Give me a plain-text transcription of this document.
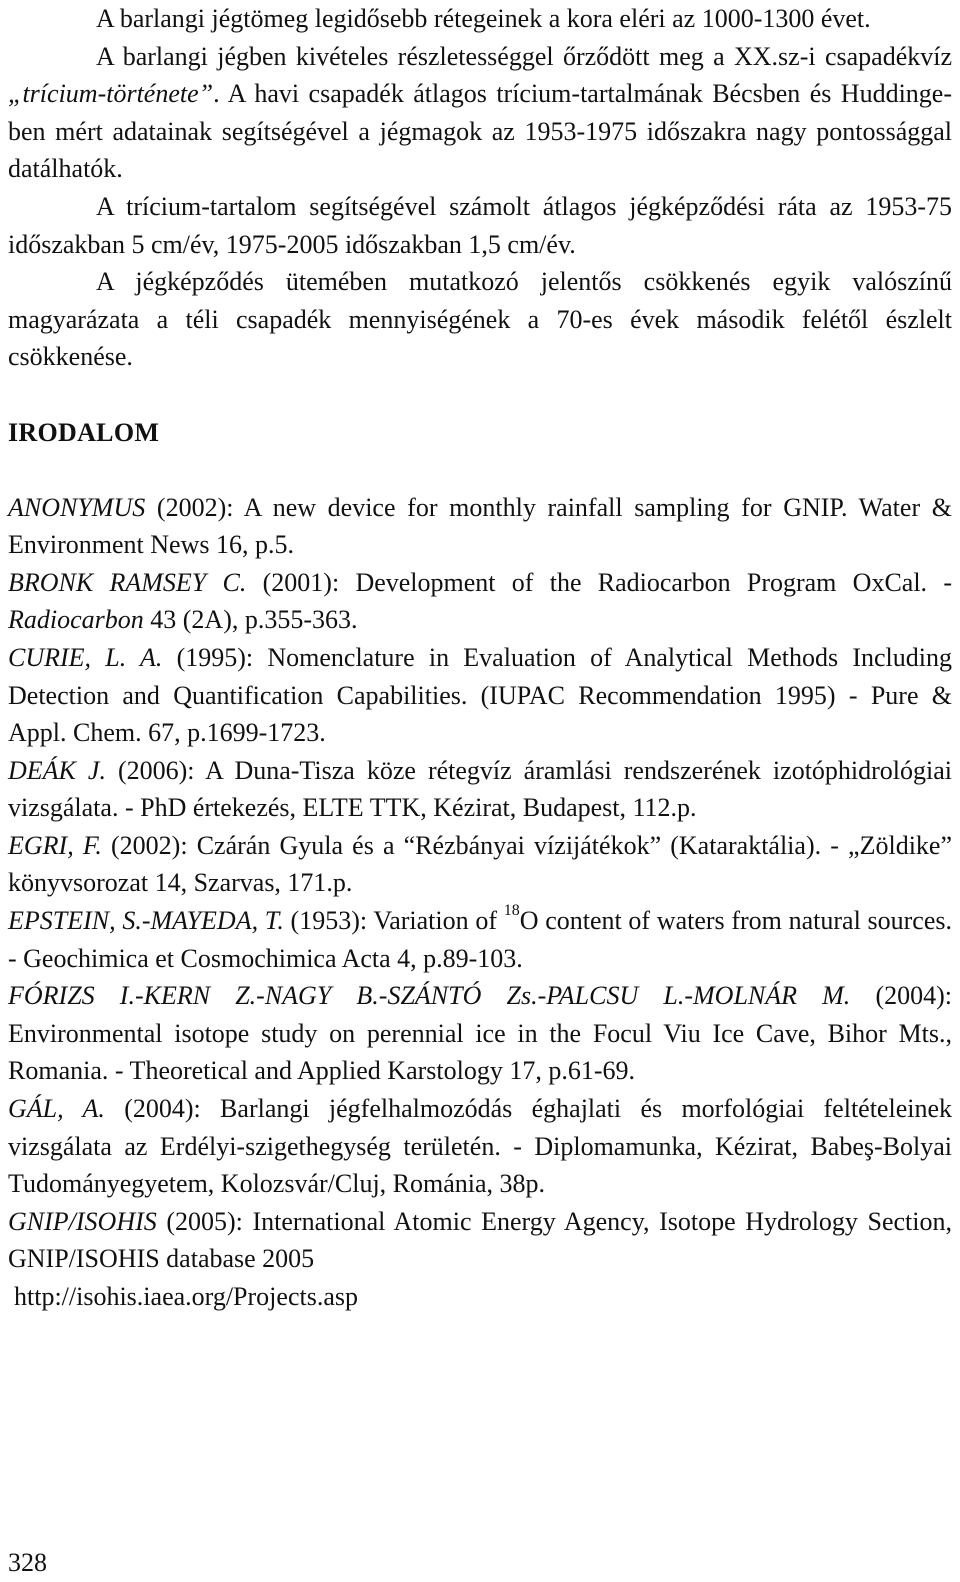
A barlangi jégtömeg legidősebb rétegeinek a kora eléri az 1000-1300 évet.

A barlangi jégben kivételes részletességgel őrződött meg a XX.sz-i csapadékvíz „trícium-története”. A havi csapadék átlagos trícium-tartalmának Bécsben és Huddinge-ben mért adatainak segítségével a jégmagok az 1953-1975 időszakra nagy pontossággal datálhatók.

A trícium-tartalom segítségével számolt átlagos jégképződési ráta az 1953-75 időszakban 5 cm/év, 1975-2005 időszakban 1,5 cm/év.

A jégképződés ütemében mutatkozó jelentős csökkenés egyik valószínű magyarázata a téli csapadék mennyiségének a 70-es évek második felétől észlelt csökkenése.

IRODALOM

ANONYMUS (2002): A new device for monthly rainfall sampling for GNIP. Water & Environment News 16, p.5.

BRONK RAMSEY C. (2001): Development of the Radiocarbon Program OxCal. - Radiocarbon 43 (2A), p.355-363.

CURIE, L. A. (1995): Nomenclature in Evaluation of Analytical Methods Including Detection and Quantification Capabilities. (IUPAC Recommendation 1995) - Pure & Appl. Chem. 67, p.1699-1723.

DEÁK J. (2006): A Duna-Tisza köze rétegvíz áramlási rendszerének izotóphidrológiai vizsgálata. - PhD értekezés, ELTE TTK, Kézirat, Budapest, 112.p.

EGRI, F. (2002): Czárán Gyula és a “Rézbányai vízijátékok” (Kataraktália). - „Zöldike” könyvsorozat 14, Szarvas, 171.p.

EPSTEIN, S.-MAYEDA, T. (1953): Variation of $^{18}$O content of waters from natural sources. - Geochimica et Cosmochimica Acta 4, p.89-103.

FÓRIZS I.-KERN Z.-NAGY B.-SZÁNTÓ Zs.-PALCSU L.-MOLNÁR M. (2004): Environmental isotope study on perennial ice in the Focul Viu Ice Cave, Bihor Mts., Romania. - Theoretical and Applied Karstology 17, p.61-69.

GÁL, A. (2004): Barlangi jégfelhalmozódás éghajlati és morfológiai feltételeinek vizsgálata az Erdélyi-szigethegység területén. - Diplomamunka, Kézirat, Babeş-Bolyai Tudományegyetem, Kolozsvár/Cluj, Románia, 38p.

GNIP/ISOHIS (2005): International Atomic Energy Agency, Isotope Hydrology Section, GNIP/ISOHIS database 2005

http://isohis.iaea.org/Projects.asp

328
